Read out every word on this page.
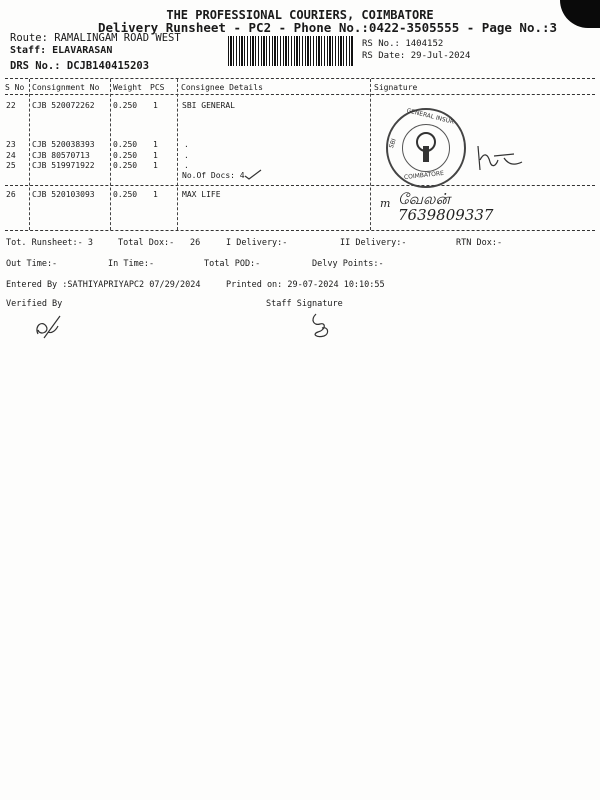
THE PROFESSIONAL COURIERS, COIMBATORE
Delivery Runsheet - PC2 - Phone No.:0422-3505555 - Page No.:3
Route: RAMALINGAM ROAD WEST
Staff: ELAVARASAN
DRS No.: DCJB140415203
RS No.: 1404152
RS Date: 29-Jul-2024
S No Consignment No Weight PCS Consignee Details	Signature
22 CJB 520072262 0.250 1	SBI GENERAL
23 CJB 520038393 0.250 1	.
24 CJB 80570713	0.250 1	.
25 CJB 519971922 0.250 1	.
No.Of Docs: 4
26 CJB 520103093 0.250 1	MAX LIFE
GENERAL INSUR
SBI
COIMBATORE
m வேலன்
7639809337
Tot. Runsheet:- 3	Total Dox:- 26	I Delivery:-	II Delivery:-	RTN Dox:-
Out Time:-	In Time:-	Total POD:-	Delvy Points:-
Entered By :SATHIYAPRIYAPC2 07/29/2024	Printed on: 29-07-2024 10:10:55
Verified By	Staff Signature
